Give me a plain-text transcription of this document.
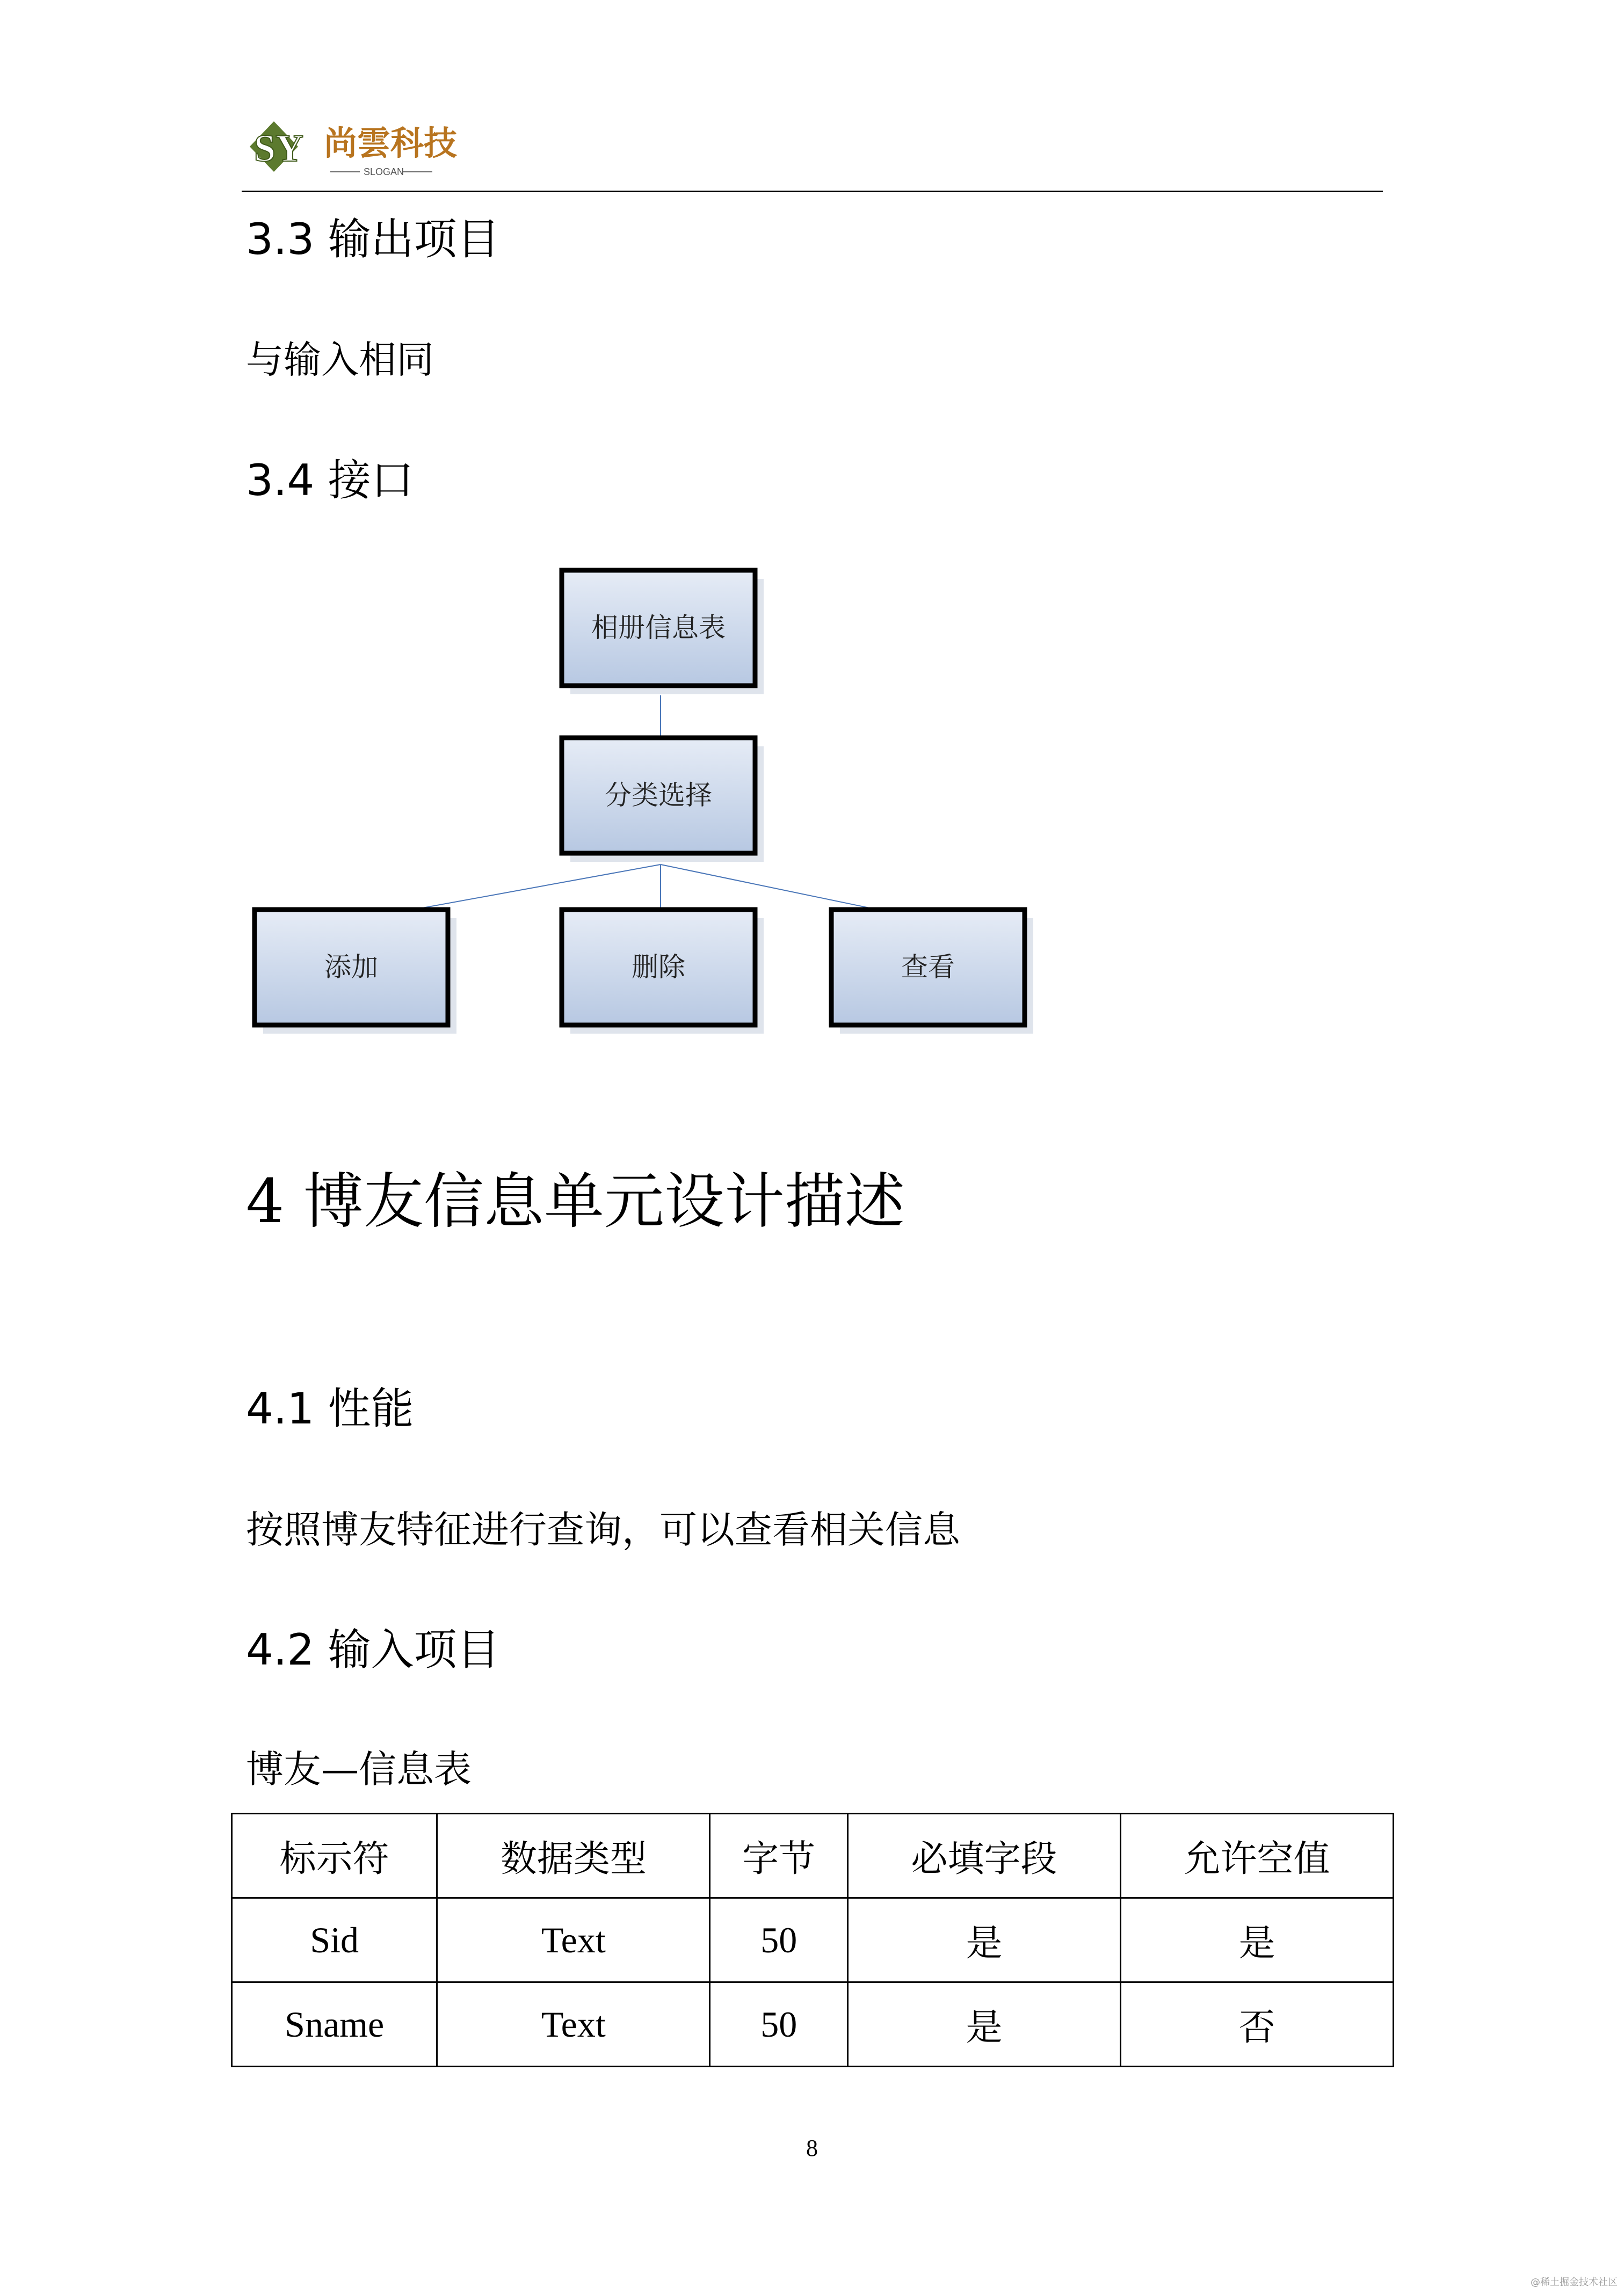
SY 尚雲科技
SLOGAN
3.3 输出项目
与输入相同
3.4 接口
相册信息表
分类选择
添加	删除	查看
4 博友信息单元设计描述
4.1 性能
按照博友特征进行查询，可以查看相关信息
4.2 输入项目
博友—信息表
标示符	数据类型	字节	必填字段	允许空值
Sid	Text	50	是	是
Sname	Text	50	是	否
8
@稀土掘金技术社区
